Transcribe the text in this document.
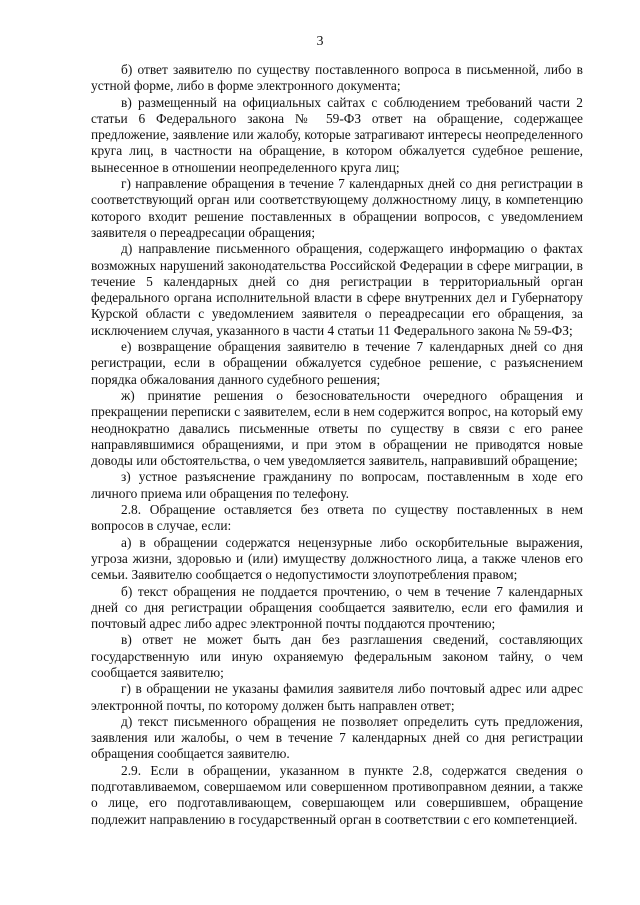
3

б) ответ заявителю по существу поставленного вопроса в письменной, либо в устной форме, либо в форме электронного документа;

в) размещенный на официальных сайтах с соблюдением требований части 2 статьи 6 Федерального закона № 59-ФЗ ответ на обращение, содержащее предложение, заявление или жалобу, которые затрагивают интересы неопределенного круга лиц, в частности на обращение, в котором обжалуется судебное решение, вынесенное в отношении неопределенного круга лиц;

г) направление обращения в течение 7 календарных дней со дня регистрации в соответствующий орган или соответствующему должностному лицу, в компетенцию которого входит решение поставленных в обращении вопросов, с уведомлением заявителя о переадресации обращения;

д) направление письменного обращения, содержащего информацию о фактах возможных нарушений законодательства Российской Федерации в сфере миграции, в течение 5 календарных дней со дня регистрации в территориальный орган федерального органа исполнительной власти в сфере внутренних дел и Губернатору Курской области с уведомлением заявителя о переадресации его обращения, за исключением случая, указанного в части 4 статьи 11 Федерального закона № 59-ФЗ;

е) возвращение обращения заявителю в течение 7 календарных дней со дня регистрации, если в обращении обжалуется судебное решение, с разъяснением порядка обжалования данного судебного решения;

ж) принятие решения о безосновательности очередного обращения и прекращении переписки с заявителем, если в нем содержится вопрос, на который ему неоднократно давались письменные ответы по существу в связи с его ранее направлявшимися обращениями, и при этом в обращении не приводятся новые доводы или обстоятельства, о чем уведомляется заявитель, направивший обращение;

з) устное разъяснение гражданину по вопросам, поставленным в ходе его личного приема или обращения по телефону.

2.8. Обращение оставляется без ответа по существу поставленных в нем вопросов в случае, если:

а) в обращении содержатся нецензурные либо оскорбительные выражения, угроза жизни, здоровью и (или) имуществу должностного лица, а также членов его семьи. Заявителю сообщается о недопустимости злоупотребления правом;

б) текст обращения не поддается прочтению, о чем в течение 7 календарных дней со дня регистрации обращения сообщается заявителю, если его фамилия и почтовый адрес либо адрес электронной почты поддаются прочтению;

в) ответ не может быть дан без разглашения сведений, составляющих государственную или иную охраняемую федеральным законом тайну, о чем сообщается заявителю;

г) в обращении не указаны фамилия заявителя либо почтовый адрес или адрес электронной почты, по которому должен быть направлен ответ;

д) текст письменного обращения не позволяет определить суть предложения, заявления или жалобы, о чем в течение 7 календарных дней со дня регистрации обращения сообщается заявителю.

2.9. Если в обращении, указанном в пункте 2.8, содержатся сведения о подготавливаемом, совершаемом или совершенном противоправном деянии, а также о лице, его подготавливающем, совершающем или совершившем, обращение подлежит направлению в государственный орган в соответствии с его компетенцией.
